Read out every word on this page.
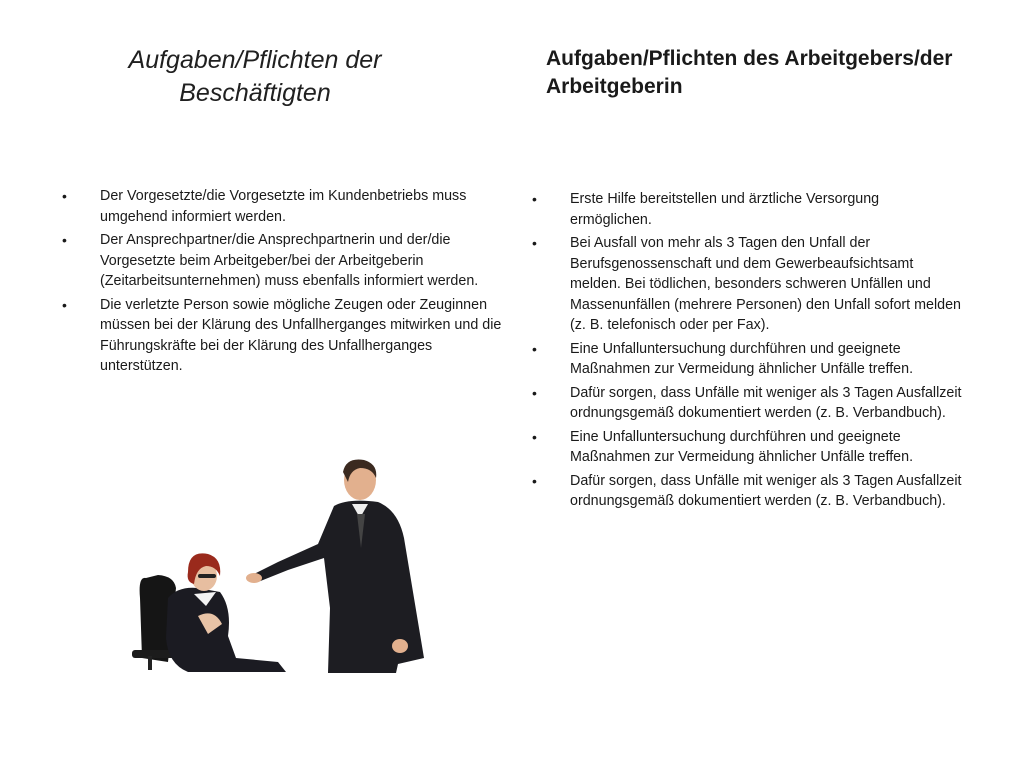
Aufgaben/Pflichten der Beschäftigten
Aufgaben/Pflichten des Arbeitgebers/der Arbeitgeberin
•	Der Vorgesetzte/die Vorgesetzte im Kundenbetriebs muss umgehend informiert werden.
•	Der Ansprechpartner/die Ansprechpartnerin und der/die Vorgesetzte beim Arbeitgeber/bei der Arbeitgeberin (Zeitarbeitsunternehmen) muss ebenfalls informiert werden.
•	Die verletzte Person sowie mögliche Zeugen oder Zeuginnen müssen bei der Klärung des Unfallherganges mitwirken und die Führungskräfte bei der Klärung des Unfallherganges unterstützen.
•	Erste Hilfe bereitstellen und ärztliche Versorgung ermöglichen.
•	Bei Ausfall von mehr als 3 Tagen den Unfall der Berufsgenossenschaft und dem Gewerbeaufsichtsamt melden. Bei tödlichen, besonders schweren Unfällen und Massenunfällen (mehrere Personen) den Unfall sofort melden (z. B. telefonisch oder per Fax).
•	Eine Unfalluntersuchung durchführen und geeignete Maßnahmen zur Vermeidung ähnlicher Unfälle treffen.
•	Dafür sorgen, dass Unfälle mit weniger als 3 Tagen Ausfallzeit ordnungsgemäß dokumentiert werden (z. B. Verbandbuch).
•	Eine Unfalluntersuchung durchführen und geeignete Maßnahmen zur Vermeidung ähnlicher Unfälle treffen.
•	Dafür sorgen, dass Unfälle mit weniger als 3 Tagen Ausfallzeit ordnungsgemäß dokumentiert werden (z. B. Verbandbuch).
